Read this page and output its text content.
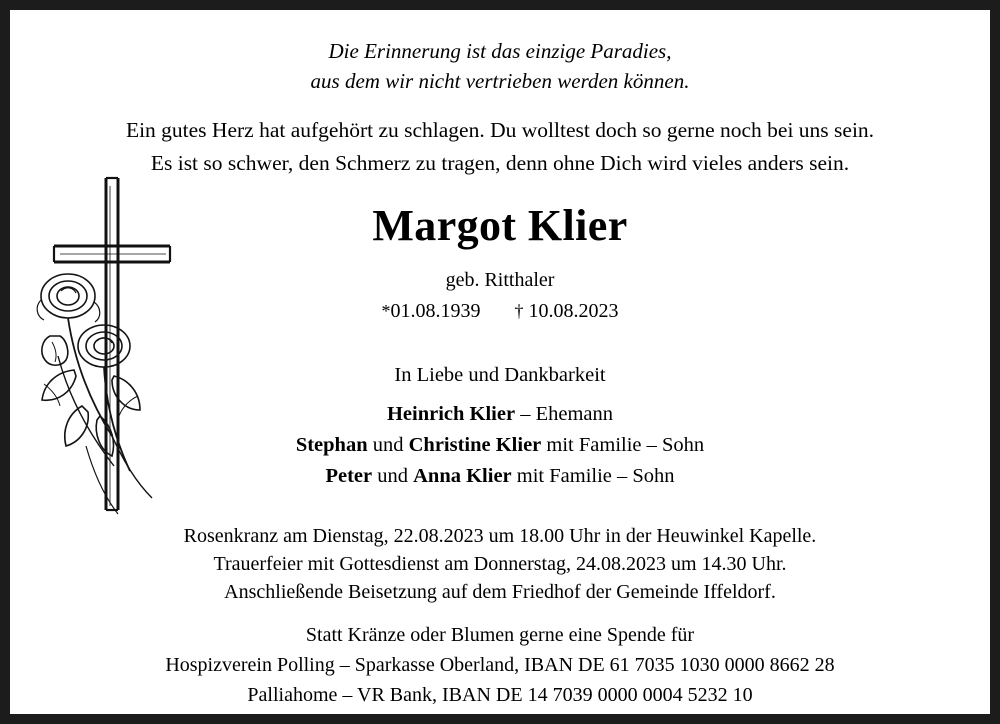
Die Erinnerung ist das einzige Paradies,
aus dem wir nicht vertrieben werden können.
Ein gutes Herz hat aufgehört zu schlagen. Du wolltest doch so gerne noch bei uns sein.
Es ist so schwer, den Schmerz zu tragen, denn ohne Dich wird vieles anders sein.
Margot Klier
geb. Ritthaler
*01.08.1939 † 10.08.2023
In Liebe und Dankbarkeit
Heinrich Klier – Ehemann
Stephan und Christine Klier mit Familie – Sohn
Peter und Anna Klier mit Familie – Sohn
Rosenkranz am Dienstag, 22.08.2023 um 18.00 Uhr in der Heuwinkel Kapelle.
Trauerfeier mit Gottesdienst am Donnerstag, 24.08.2023 um 14.30 Uhr.
Anschließende Beisetzung auf dem Friedhof der Gemeinde Iffeldorf.
Statt Kränze oder Blumen gerne eine Spende für
Hospizverein Polling – Sparkasse Oberland, IBAN DE 61 7035 1030 0000 8662 28
Palliahome – VR Bank, IBAN DE 14 7039 0000 0004 5232 10
